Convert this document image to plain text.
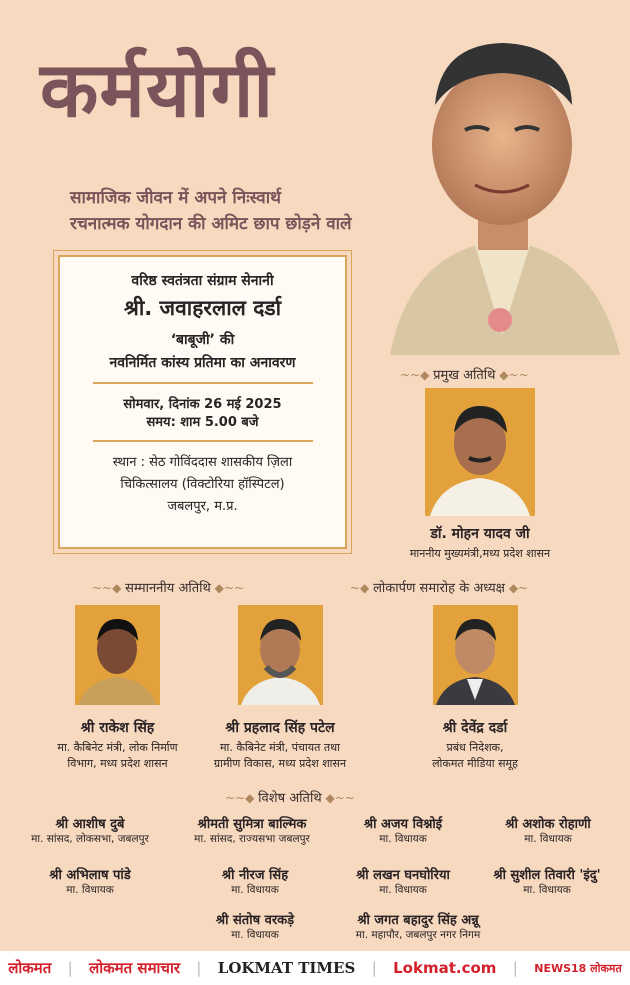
कर्मयोगी
सामाजिक जीवन में अपने निःस्वार्थ
रचनात्मक योगदान की अमिट छाप छोड़ने वाले
वरिष्ठ स्वतंत्रता संग्राम सेनानी
श्री. जवाहरलाल दर्डा
‘बाबूजी’ की
नवनिर्मित कांस्य प्रतिमा का अनावरण
सोमवार, दिनांक 26 मई 2025
समय: शाम 5.00 बजे
स्थान : सेठ गोविंददास शासकीय ज़िला
चिकित्सालय (विक्टोरिया हॉस्पिटल)
जबलपुर, म.प्र.
~~◆ प्रमुख अतिथि ◆~~
डॉ. मोहन यादव जी
माननीय मुख्यमंत्री,मध्य प्रदेश शासन
~~◆ सम्माननीय अतिथि ◆~~	~◆ लोकार्पण समारोह के अध्यक्ष ◆~
श्री राकेश सिंह
मा. कैबिनेट मंत्री, लोक निर्माण
विभाग, मध्य प्रदेश शासन
श्री प्रहलाद सिंह पटेल
मा. कैबिनेट मंत्री, पंचायत तथा
ग्रामीण विकास, मध्य प्रदेश शासन
श्री देवेंद्र दर्डा
प्रबंध निदेशक,
लोकमत मीडिया समूह
~~◆ विशेष अतिथि ◆~~
श्री आशीष दुबे
मा. सांसद, लोकसभा, जबलपुर
श्रीमती सुमित्रा बाल्मिक
मा. सांसद, राज्यसभा जबलपुर
श्री अजय विश्नोई
मा. विधायक
श्री अशोक रोहाणी
मा. विधायक
श्री अभिलाष पांडे
मा. विधायक
श्री नीरज सिंह
मा. विधायक
श्री लखन घनघोरिया
मा. विधायक
श्री सुशील तिवारी 'इंदु'
मा. विधायक
श्री संतोष वरकड़े
मा. विधायक
श्री जगत बहादुर सिंह अन्नू
मा. महापौर, जबलपुर नगर निगम
लोकमत | लोकमत समाचार | LOKMAT TIMES | Lokmat.com | NEWS18 लोकमत
